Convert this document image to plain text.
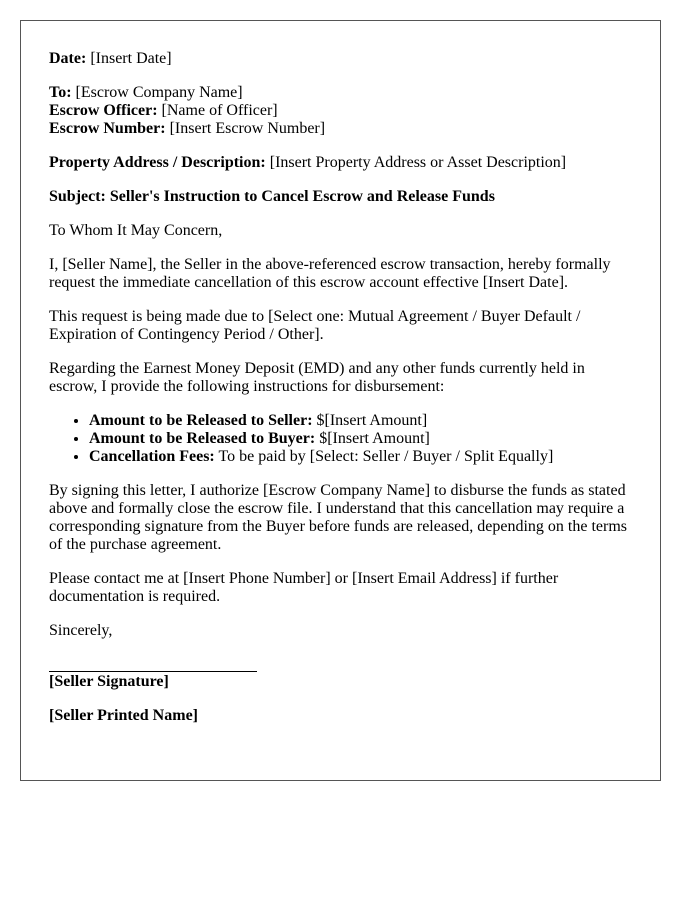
Date: [Insert Date]

To: [Escrow Company Name]
Escrow Officer: [Name of Officer]
Escrow Number: [Insert Escrow Number]

Property Address / Description: [Insert Property Address or Asset Description]

Subject: Seller's Instruction to Cancel Escrow and Release Funds

To Whom It May Concern,

I, [Seller Name], the Seller in the above-referenced escrow transaction, hereby formally request the immediate cancellation of this escrow account effective [Insert Date].

This request is being made due to [Select one: Mutual Agreement / Buyer Default / Expiration of Contingency Period / Other].

Regarding the Earnest Money Deposit (EMD) and any other funds currently held in escrow, I provide the following instructions for disbursement:

• Amount to be Released to Seller: $[Insert Amount]
• Amount to be Released to Buyer: $[Insert Amount]
• Cancellation Fees: To be paid by [Select: Seller / Buyer / Split Equally]

By signing this letter, I authorize [Escrow Company Name] to disburse the funds as stated above and formally close the escrow file. I understand that this cancellation may require a corresponding signature from the Buyer before funds are released, depending on the terms of the purchase agreement.

Please contact me at [Insert Phone Number] or [Insert Email Address] if further documentation is required.

Sincerely,

[Seller Signature]

[Seller Printed Name]
